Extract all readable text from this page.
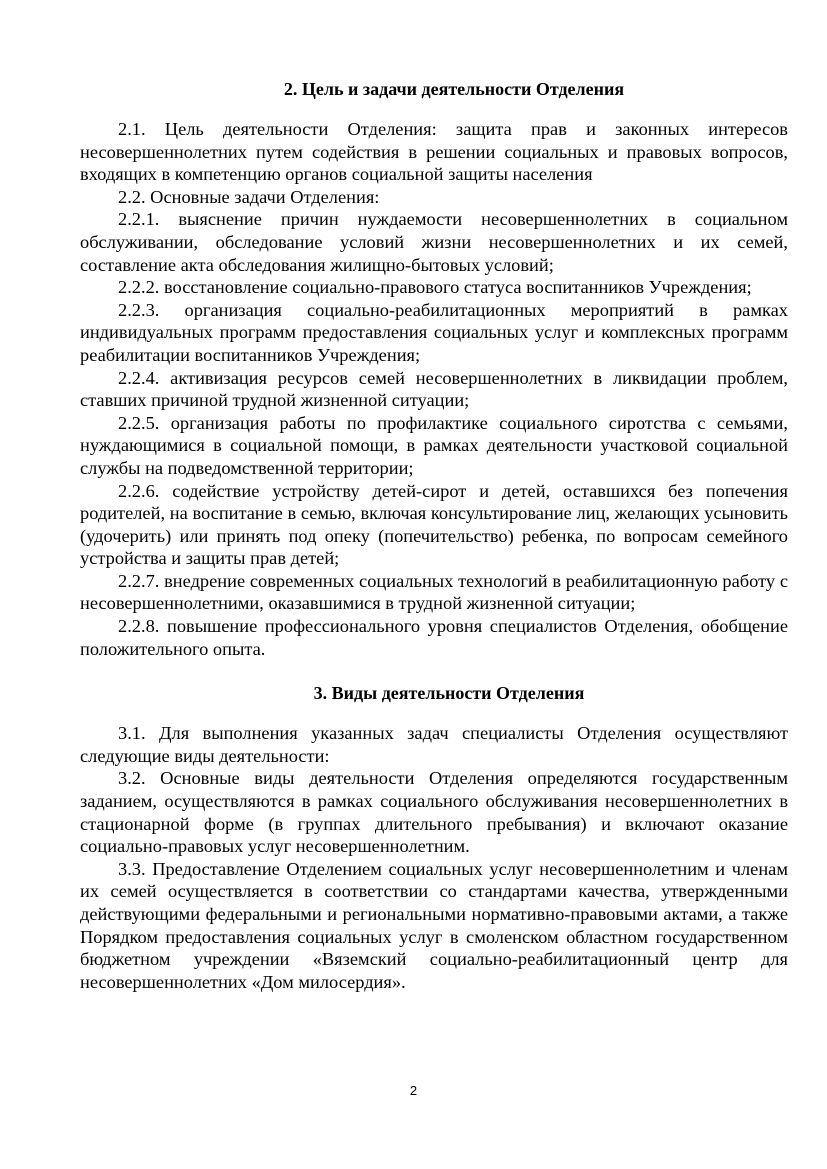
2. Цель и задачи деятельности Отделения

2.1. Цель деятельности Отделения: защита прав и законных интересов несовершеннолетних путем содействия в решении социальных и правовых вопросов, входящих в компетенцию органов социальной защиты населения

2.2. Основные задачи Отделения:

2.2.1. выяснение причин нуждаемости несовершеннолетних в социальном обслуживании, обследование условий жизни несовершеннолетних и их семей, составление акта обследования жилищно-бытовых условий;

2.2.2. восстановление социально-правового статуса воспитанников Учреждения;

2.2.3. организация социально-реабилитационных мероприятий в рамках индивидуальных программ предоставления социальных услуг и комплексных программ реабилитации воспитанников Учреждения;

2.2.4. активизация ресурсов семей несовершеннолетних в ликвидации проблем, ставших причиной трудной жизненной ситуации;

2.2.5. организация работы по профилактике социального сиротства с семьями, нуждающимися в социальной помощи, в рамках деятельности участковой социальной службы на подведомственной территории;

2.2.6. содействие устройству детей-сирот и детей, оставшихся без попечения родителей, на воспитание в семью, включая консультирование лиц, желающих усыновить (удочерить) или принять под опеку (попечительство) ребенка, по вопросам семейного устройства и защиты прав детей;

2.2.7. внедрение современных социальных технологий в реабилитационную работу с несовершеннолетними, оказавшимися в трудной жизненной ситуации;

2.2.8. повышение профессионального уровня специалистов Отделения, обобщение положительного опыта.

3. Виды деятельности Отделения

3.1. Для выполнения указанных задач специалисты Отделения осуществляют следующие виды деятельности:

3.2. Основные виды деятельности Отделения определяются государственным заданием, осуществляются в рамках социального обслуживания несовершеннолетних в стационарной форме (в группах длительного пребывания) и включают оказание социально-правовых услуг несовершеннолетним.

3.3. Предоставление Отделением социальных услуг несовершеннолетним и членам их семей осуществляется в соответствии со стандартами качества, утвержденными действующими федеральными и региональными нормативно-правовыми актами, а также Порядком предоставления социальных услуг в смоленском областном государственном бюджетном учреждении «Вяземский социально-реабилитационный центр для несовершеннолетних «Дом милосердия».

2
